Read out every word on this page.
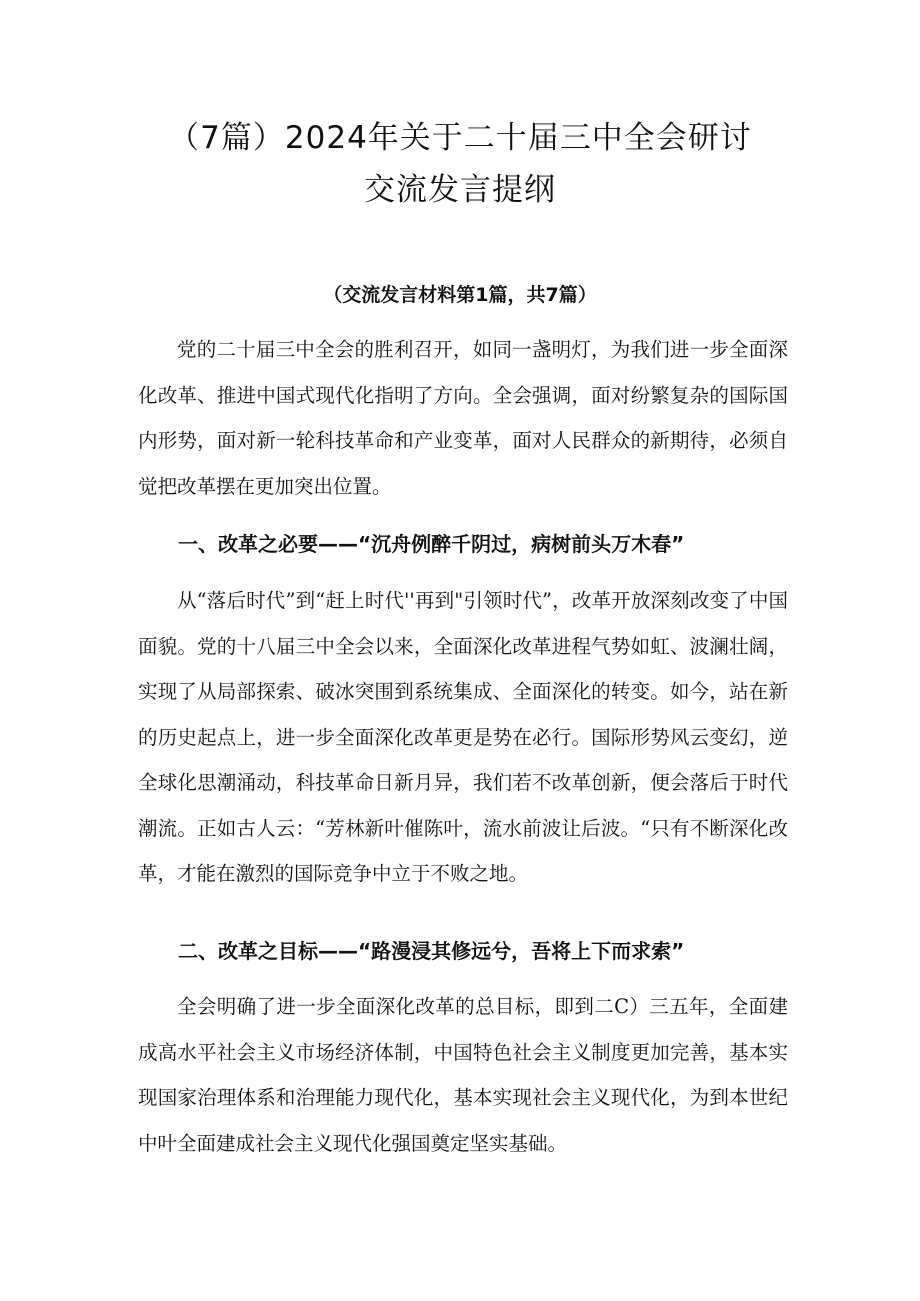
（7篇）2024年关于二十届三中全会研讨
交流发言提纲
（交流发言材料第1篇，共7篇）

党的二十届三中全会的胜利召开，如同一盏明灯，为我们进一步全面深化改革、推进中国式现代化指明了方向。全会强调，面对纷繁复杂的国际国内形势，面对新一轮科技革命和产业变革，面对人民群众的新期待，必须自觉把改革摆在更加突出位置。

一、改革之必要——“沉舟例醉千阴过，病树前头万木春”

从“落后时代”到“赶上时代''再到"引领时代”，改革开放深刻改变了中国面貌。党的十八届三中全会以来，全面深化改革进程气势如虹、波澜壮阔，实现了从局部探索、破冰突围到系统集成、全面深化的转变。如今，站在新的历史起点上，进一步全面深化改革更是势在必行。国际形势风云变幻，逆全球化思潮涌动，科技革命日新月异，我们若不改革创新，便会落后于时代潮流。正如古人云：“芳林新叶催陈叶，流水前波让后波。“只有不断深化改革，才能在激烈的国际竞争中立于不败之地。

二、改革之目标——“路漫浸其修远兮，吾将上下而求索”

全会明确了进一步全面深化改革的总目标，即到二C）三五年，全面建成高水平社会主义市场经济体制，中国特色社会主义制度更加完善，基本实现国家治理体系和治理能力现代化，基本实现社会主义现代化，为到本世纪中叶全面建成社会主义现代化强国奠定坚实基础。
